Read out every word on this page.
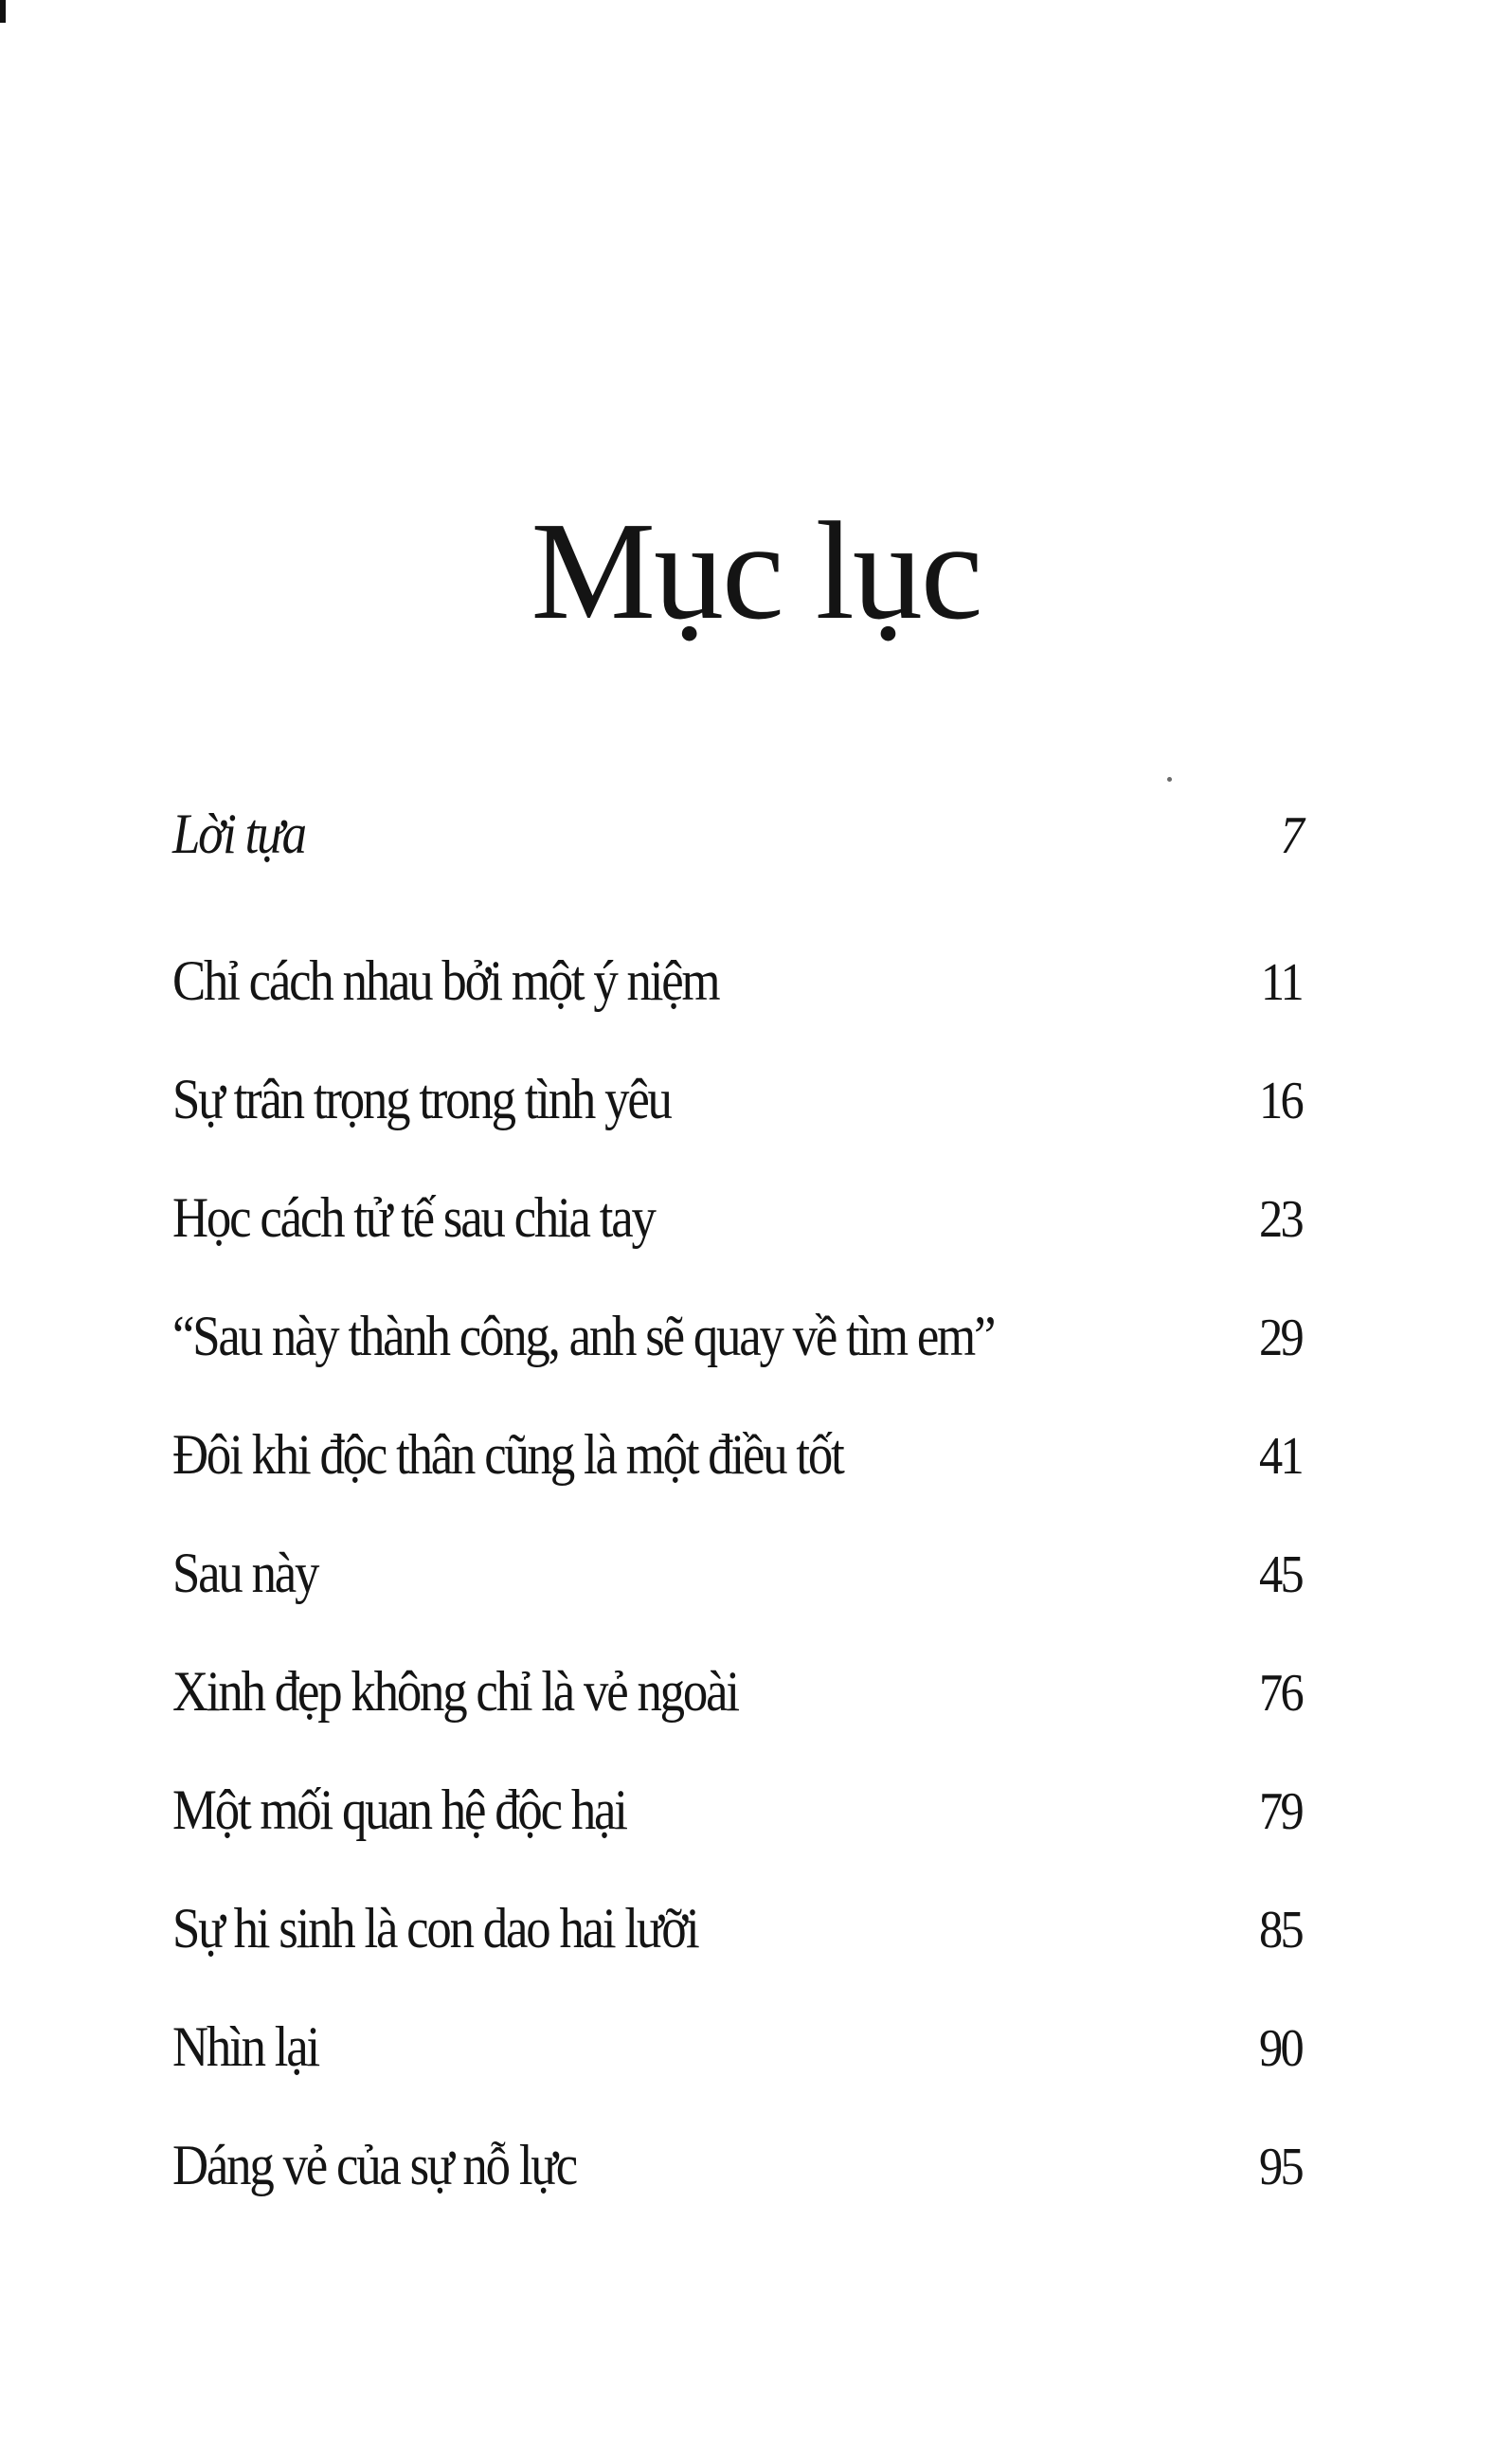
Mục lục
Lời tựa	7
Chỉ cách nhau bởi một ý niệm	11
Sự trân trọng trong tình yêu	16
Học cách tử tế sau chia tay	23
“Sau này thành công, anh sẽ quay về tìm em”	29
Đôi khi độc thân cũng là một điều tốt	41
Sau này	45
Xinh đẹp không chỉ là vẻ ngoài	76
Một mối quan hệ độc hại	79
Sự hi sinh là con dao hai lưỡi	85
Nhìn lại	90
Dáng vẻ của sự nỗ lực	95
